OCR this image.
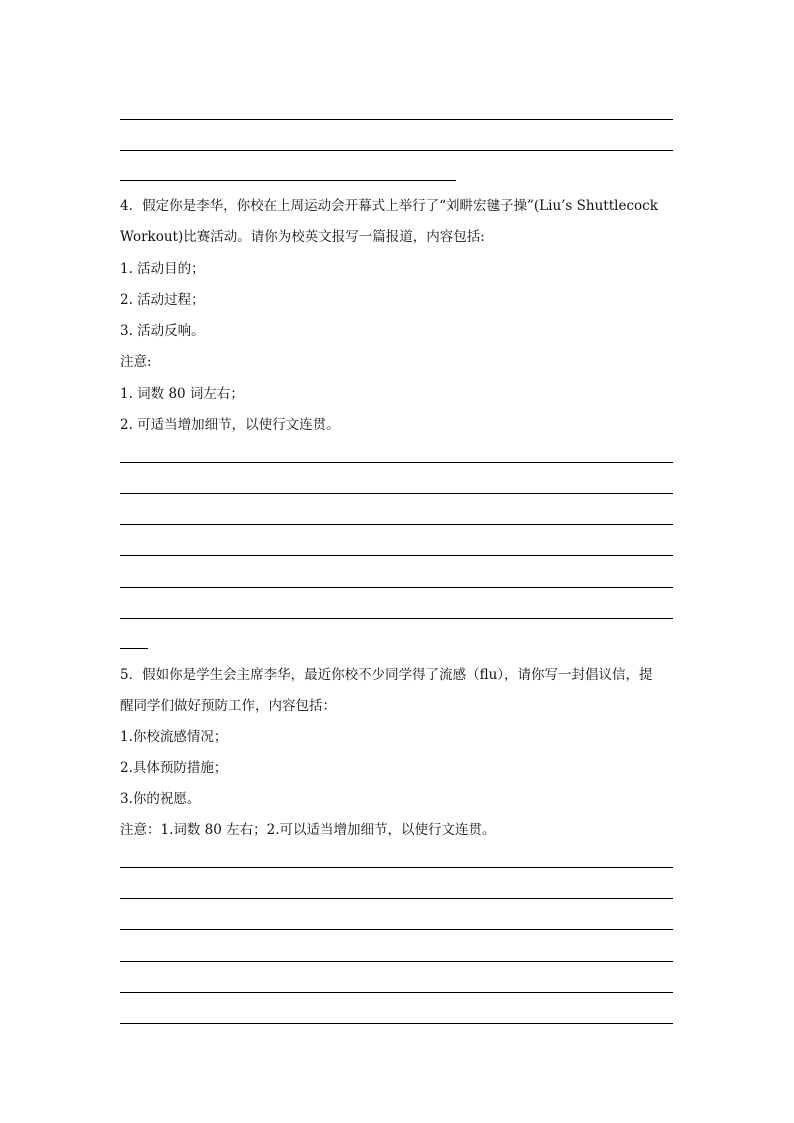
4．假定你是李华，你校在上周运动会开幕式上举行了“刘畊宏毽子操”(Liu’s Shuttlecock
Workout)比赛活动。请你为校英文报写一篇报道，内容包括:
1. 活动目的；
2. 活动过程；
3. 活动反响。
注意:
1. 词数 80 词左右；
2. 可适当增加细节，以使行文连贯。
5．假如你是学生会主席李华，最近你校不少同学得了流感（flu），请你写一封倡议信，提
醒同学们做好预防工作，内容包括：
1.你校流感情况；
2.具体预防措施；
3.你的祝愿。
注意：1.词数 80 左右；2.可以适当增加细节，以使行文连贯。
